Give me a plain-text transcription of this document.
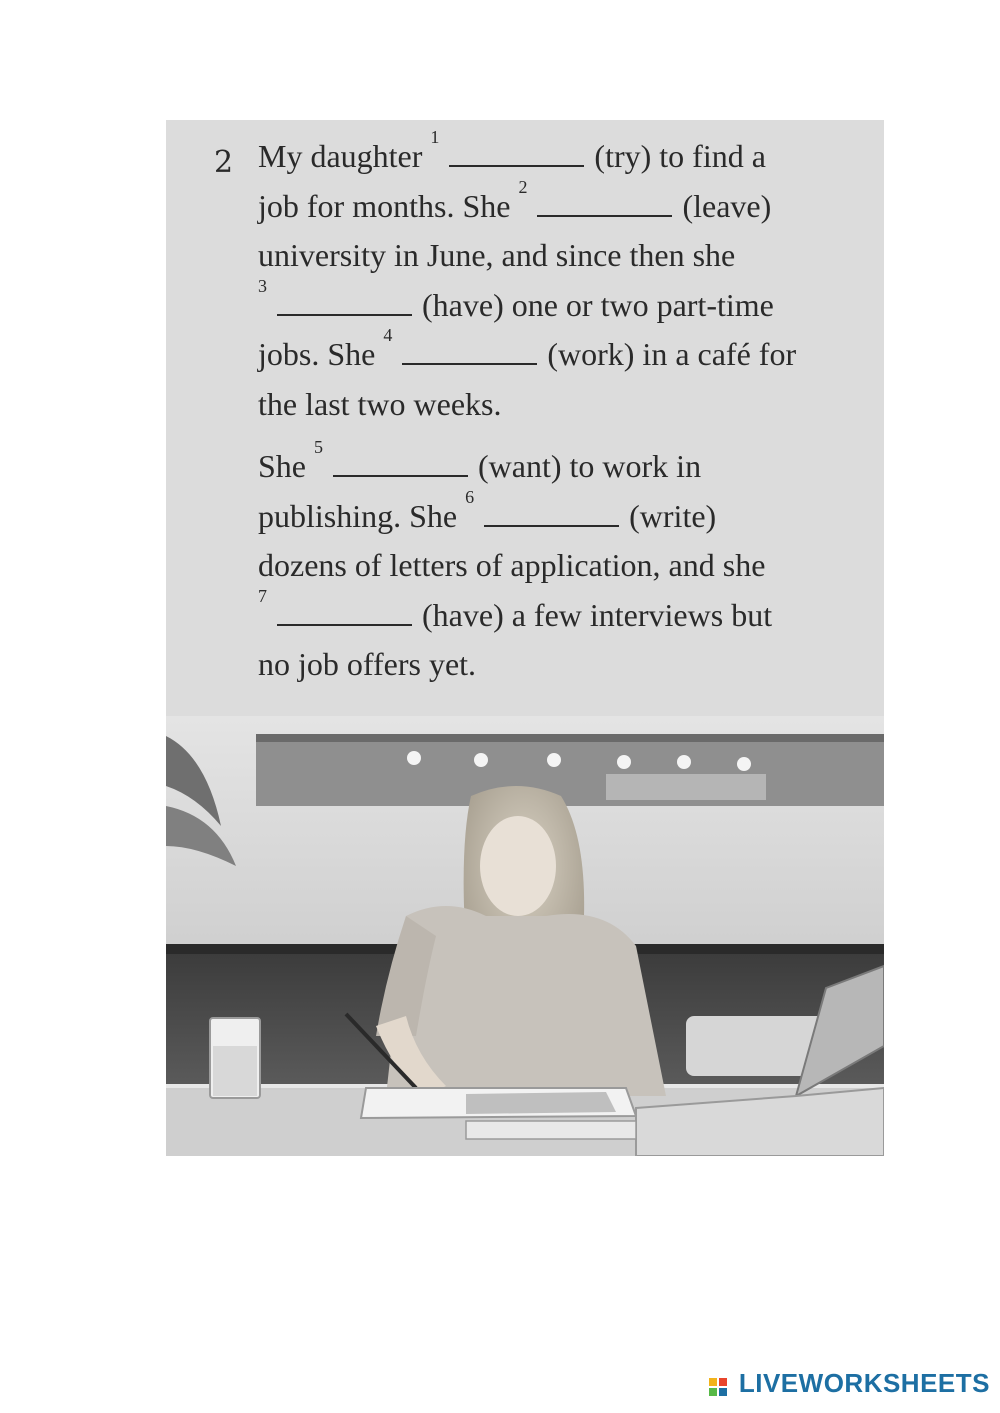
2 My daughter $^1$  (try) to find a
job for months. She $^2$  (leave)
university in June, and since then she
$^3$  (have) one or two part-time
jobs. She $^4$  (work) in a café for
the last two weeks.
She $^5$  (want) to work in
publishing. She $^6$  (write)
dozens of letters of application, and she
$^7$  (have) a few interviews but
no job offers yet.
LIVEWORKSHEETS
